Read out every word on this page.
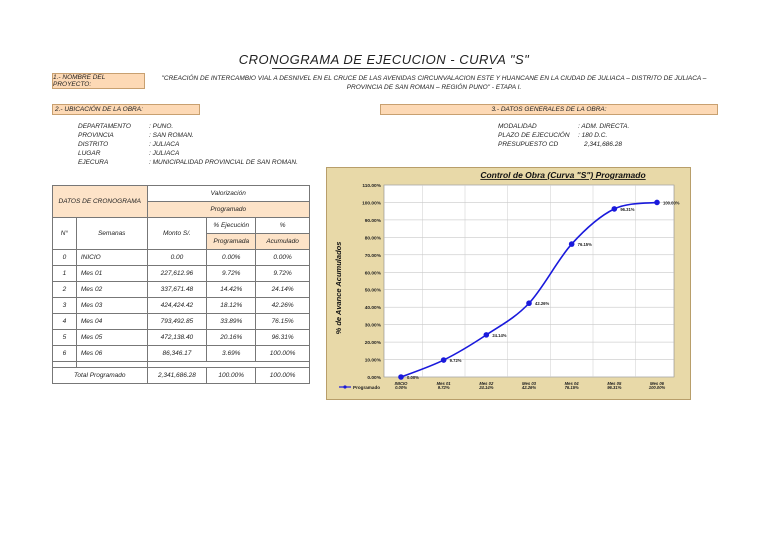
CRONOGRAMA DE EJECUCION - CURVA "S"
1.- NOMBRE DEL PROYECTO:
"CREACIÓN DE INTERCAMBIO VIAL A DESNIVEL EN EL CRUCE DE LAS AVENIDAS CIRCUNVALACION ESTE Y HUANCANE EN LA CIUDAD DE JULIACA – DISTRITO DE JULIACA – PROVINCIA DE SAN ROMAN – REGIÓN PUNO" - ETAPA I.
2.- UBICACIÓN DE LA OBRA:	3.- DATOS GENERALES DE LA OBRA:
DEPARTAMENTO	: PUNO.
PROVINCIA	: SAN ROMAN.
DISTRITO	: JULIACA
LUGAR	: JULIACA
EJECURA	: MUNICIPALIDAD PROVINCIAL DE SAN ROMAN.
MODALIDAD	: ADM. DIRECTA.
PLAZO DE EJECUCIÓN : 180 D.C.
PRESUPUESTO CD	2,341,686.28
DATOS DE CRONOGRAMA		Valorización		
		Programado		
N°	Semanas	Monto S/.	% Ejecución	%
			Programada	Acumulado
0	INICIO	0.00	0.00%	0.00%
1	Mes 01	227,612.96	9.72%	9.72%
2	Mes 02	337,671.48	14.42%	24.14%
3	Mes 03	424,424.42	18.12%	42.26%
4	Mes 04	793,492.85	33.89%	76.15%
5	Mes 05	472,138.40	20.16%	96.31%
6	Mes 06	86,346.17	3.69%	100.00%

Total Programado		2,341,686.28	100.00%	100.00%
Control de Obra (Curva "S") Programado
% de Avance Acumulados
0.00%
10.00%
20.00%
30.00%
40.00%
50.00%
60.00%
70.00%
80.00%
90.00%
100.00%
110.00%
0.00%
9.72%
24.14%
42.26%
76.15%
96.31%
100.00%
Programado
INICIO
0.00%
Mes 01
9.72%
Mes 02
24.14%
Mes 03
42.26%
Mes 04
76.15%
Mes 05
96.31%
Mes 06
100.00%
